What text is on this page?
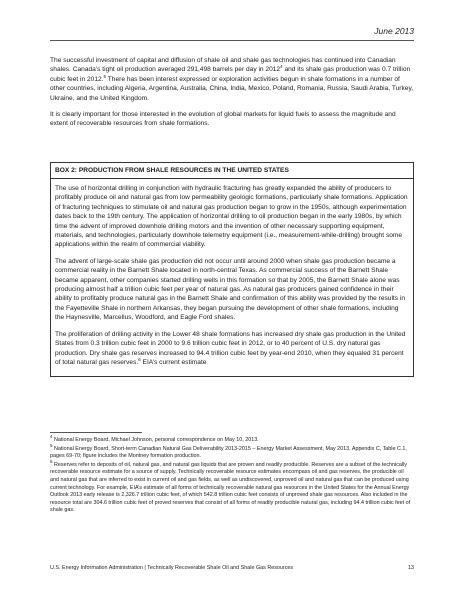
June 2013

The successful investment of capital and diffusion of shale oil and shale gas technologies has continued into Canadian shales. Canada’s tight oil production averaged 291,498 barrels per day in 2012$^4$ and its shale gas production was 0.7 trillion cubic feet in 2012.$^5$ There has been interest expressed or exploration activities begun in shale formations in a number of other countries, including Algeria, Argentina, Australia, China, India, Mexico, Poland, Romania, Russia, Saudi Arabia, Turkey, Ukraine, and the United Kingdom.

It is clearly important for those interested in the evolution of global markets for liquid fuels to assess the magnitude and extent of recoverable resources from shale formations.

BOX 2: PRODUCTION FROM SHALE RESOURCES IN THE UNITED STATES

The use of horizontal drilling in conjunction with hydraulic fracturing has greatly expanded the ability of producers to profitably produce oil and natural gas from low permeability geologic formations, particularly shale formations. Application of fracturing techniques to stimulate oil and natural gas production began to grow in the 1950s, although experimentation dates back to the 19th century. The application of horizontal drilling to oil production began in the early 1980s, by which time the advent of improved downhole drilling motors and the invention of other necessary supporting equipment, materials, and technologies, particularly downhole telemetry equipment (i.e., measurement-while-drilling) brought some applications within the realm of commercial viability.

The advent of large-scale shale gas production did not occur until around 2000 when shale gas production became a commercial reality in the Barnett Shale located in north-central Texas. As commercial success of the Barnett Shale became apparent, other companies started drilling wells in this formation so that by 2005, the Barnett Shale alone was producing almost half a trillion cubic feet per year of natural gas. As natural gas producers gained confidence in their ability to profitably produce natural gas in the Barnett Shale and confirmation of this ability was provided by the results in the Fayetteville Shale in northern Arkansas, they began pursuing the development of other shale formations, including the Haynesville, Marcellus, Woodford, and Eagle Ford shales.

The proliferation of drilling activity in the Lower 48 shale formations has increased dry shale gas production in the United States from 0.3 trillion cubic feet in 2000 to 9.6 trillion cubic feet in 2012, or to 40 percent of U.S. dry natural gas production. Dry shale gas reserves increased to 94.4 trillion cubic feet by year-end 2010, when they equaled 31 percent of total natural gas reserves.$^6$ EIA’s current estimate

$^4$ National Energy Board, Michael Johnson, personal correspondence on May 10, 2013.

$^5$ National Energy Board, Short-term Canadian Natural Gas Deliverability 2013-2015 – Energy Market Assessment, May 2013, Appendix C, Table C.1, pages 69-70; figure includes the Montney formation production.

$^6$ Reserves refer to deposits of oil, natural gas, and natural gas liquids that are proven and readily producible. Reserves are a subset of the technically recoverable resource estimate for a source of supply. Technically recoverable resource estimates encompass oil and gas reserves, the producible oil and natural gas that are inferred to exist in current oil and gas fields, as well as undiscovered, unproved oil and natural gas that can be produced using current technology. For example, EIA’s estimate of all forms of technically recoverable natural gas resources in the United States for the Annual Energy Outlook 2013 early release is 2,326.7 trillion cubic feet, of which 542.8 trillion cubic feet consists of unproved shale gas resources. Also included in the resource total are 304.6 trillion cubic feet of proved reserves that consist of all forms of readily producible natural gas, including 94.4 trillion cubic feet of shale gas.

U.S. Energy Information Administration | Technically Recoverable Shale Oil and Shale Gas Resources	13
